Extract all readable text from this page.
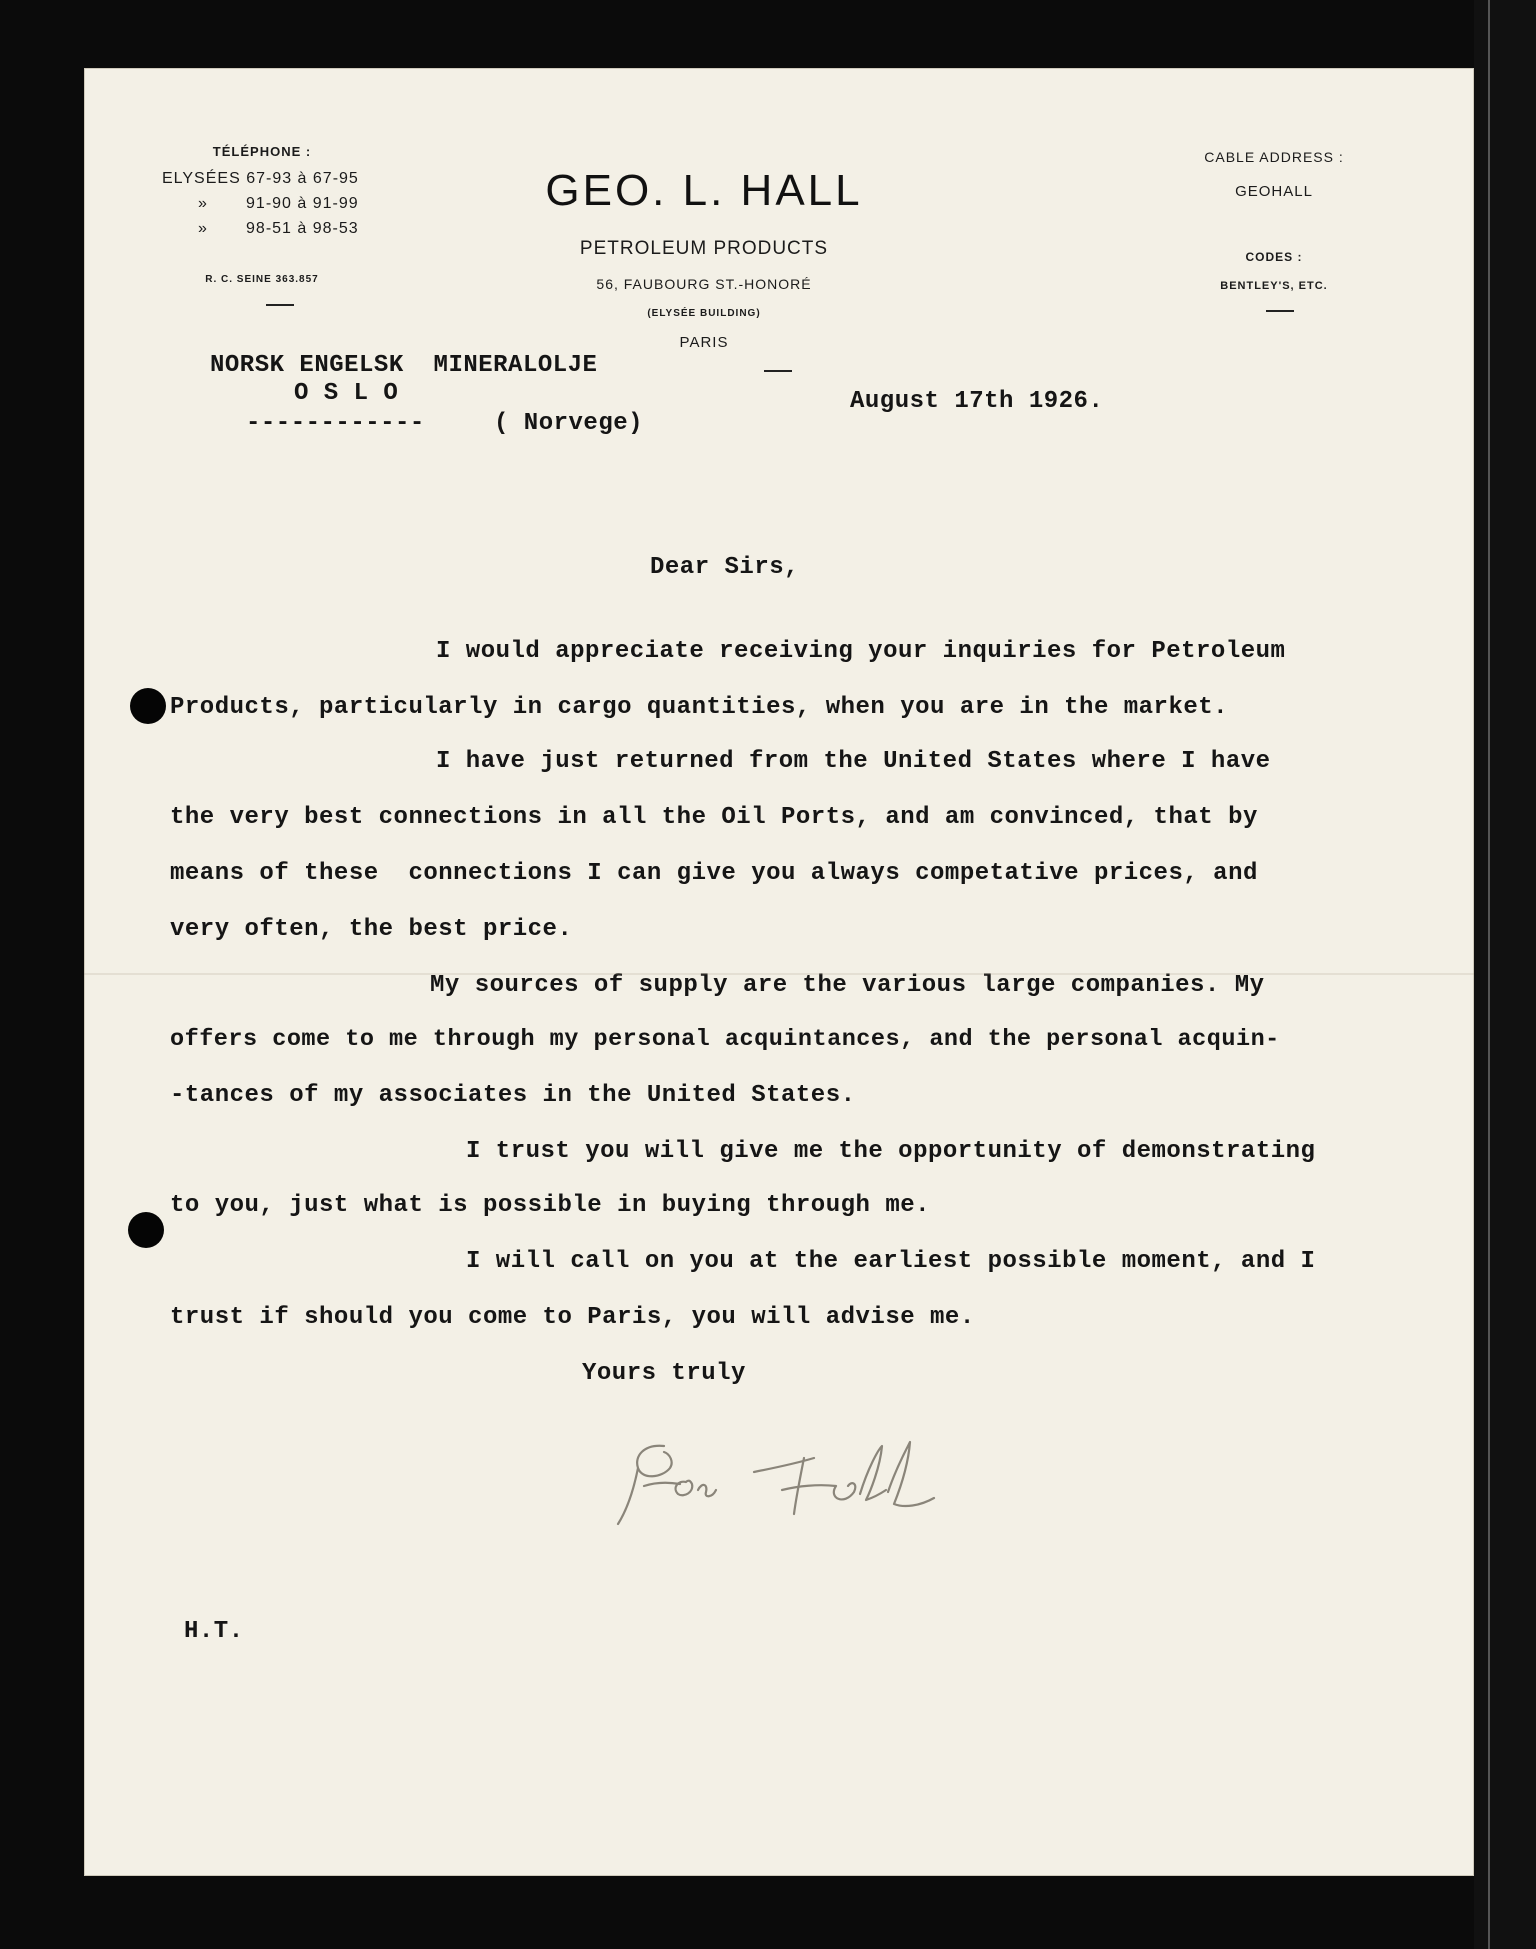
TÉLÉPHONE :
ELYSÉES 67-93 à 67-95
»       91-90 à 91-99
»       98-51 à 98-53
R. C. SEINE 363.857
GEO. L. HALL
PETROLEUM PRODUCTS
56, FAUBOURG ST.-HONORÉ
(ELYSÉE BUILDING)
PARIS
CABLE ADDRESS :
GEOHALL
CODES :
BENTLEY'S, ETC.
NORSK ENGELSK  MINERALOLJE
O S L O
------------	( Norvege)
August 17th 1926.
Dear Sirs,
I would appreciate receiving your inquiries for Petroleum
Products, particularly in cargo quantities, when you are in the market.
I have just returned from the United States where I have
the very best connections in all the Oil Ports, and am convinced, that by
means of these  connections I can give you always competative prices, and
very often, the best price.
My sources of supply are the various large companies. My
offers come to me through my personal acquintances, and the personal acquin-
-tances of my associates in the United States.
I trust you will give me the opportunity of demonstrating
to you, just what is possible in buying through me.
I will call on you at the earliest possible moment, and I
trust if should you come to Paris, you will advise me.
Yours truly
H.T.
